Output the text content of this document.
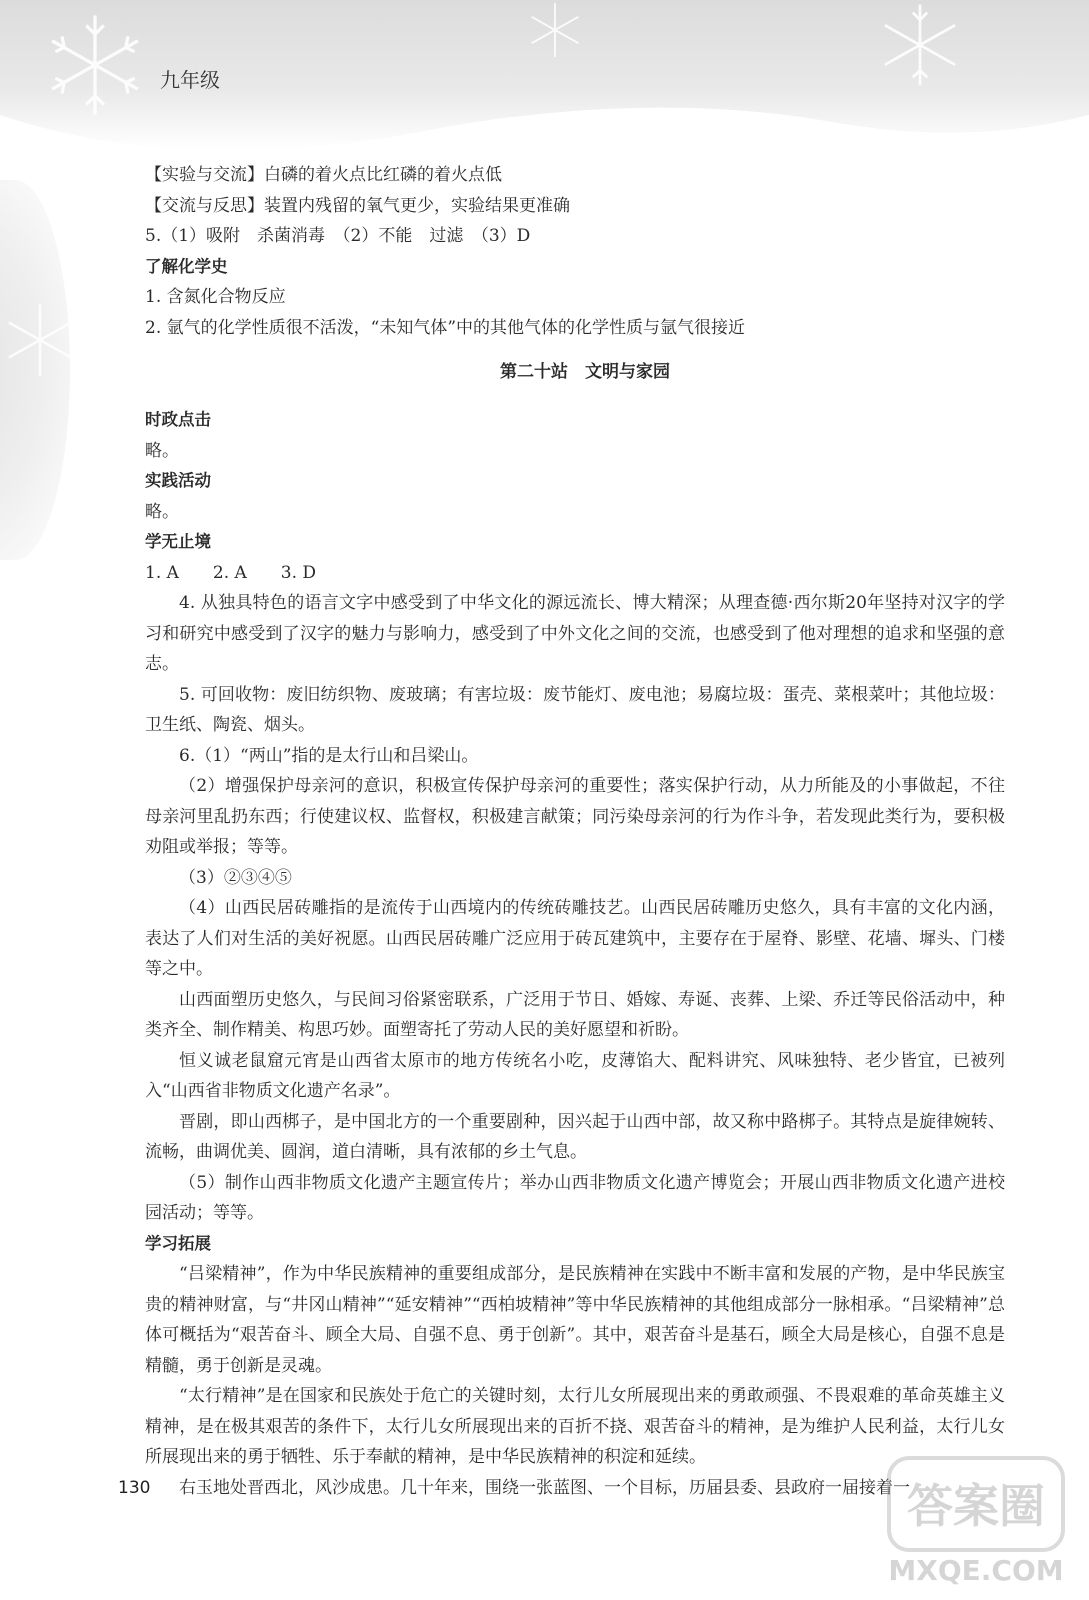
九年级

【实验与交流】白磷的着火点比红磷的着火点低

【交流与反思】装置内残留的氧气更少，实验结果更准确

5.（1）吸附　杀菌消毒　（2）不能　过滤　（3）D

了解化学史

1. 含氮化合物反应

2. 氩气的化学性质很不活泼，“未知气体”中的其他气体的化学性质与氩气很接近

第二十站　文明与家园

时政点击

略。

实践活动

略。

学无止境

1. A　　2. A　　3. D

4. 从独具特色的语言文字中感受到了中华文化的源远流长、博大精深；从理查德·西尔斯20年坚持对汉字的学习和研究中感受到了汉字的魅力与影响力，感受到了中外文化之间的交流，也感受到了他对理想的追求和坚强的意志。

5. 可回收物：废旧纺织物、废玻璃；有害垃圾：废节能灯、废电池；易腐垃圾：蛋壳、菜根菜叶；其他垃圾：卫生纸、陶瓷、烟头。

6.（1）“两山”指的是太行山和吕梁山。

（2）增强保护母亲河的意识，积极宣传保护母亲河的重要性；落实保护行动，从力所能及的小事做起，不往母亲河里乱扔东西；行使建议权、监督权，积极建言献策；同污染母亲河的行为作斗争，若发现此类行为，要积极劝阻或举报；等等。

（3）②③④⑤

（4）山西民居砖雕指的是流传于山西境内的传统砖雕技艺。山西民居砖雕历史悠久，具有丰富的文化内涵，表达了人们对生活的美好祝愿。山西民居砖雕广泛应用于砖瓦建筑中，主要存在于屋脊、影壁、花墙、墀头、门楼等之中。

山西面塑历史悠久，与民间习俗紧密联系，广泛用于节日、婚嫁、寿诞、丧葬、上梁、乔迁等民俗活动中，种类齐全、制作精美、构思巧妙。面塑寄托了劳动人民的美好愿望和祈盼。

恒义诚老鼠窟元宵是山西省太原市的地方传统名小吃，皮薄馅大、配料讲究、风味独特、老少皆宜，已被列入“山西省非物质文化遗产名录”。

晋剧，即山西梆子，是中国北方的一个重要剧种，因兴起于山西中部，故又称中路梆子。其特点是旋律婉转、流畅，曲调优美、圆润，道白清晰，具有浓郁的乡土气息。

（5）制作山西非物质文化遗产主题宣传片；举办山西非物质文化遗产博览会；开展山西非物质文化遗产进校园活动；等等。

学习拓展

“吕梁精神”，作为中华民族精神的重要组成部分，是民族精神在实践中不断丰富和发展的产物，是中华民族宝贵的精神财富，与“井冈山精神”“延安精神”“西柏坡精神”等中华民族精神的其他组成部分一脉相承。“吕梁精神”总体可概括为“艰苦奋斗、顾全大局、自强不息、勇于创新”。其中，艰苦奋斗是基石，顾全大局是核心，自强不息是精髓，勇于创新是灵魂。

“太行精神”是在国家和民族处于危亡的关键时刻，太行儿女所展现出来的勇敢顽强、不畏艰难的革命英雄主义精神，是在极其艰苦的条件下，太行儿女所展现出来的百折不挠、艰苦奋斗的精神，是为维护人民利益，太行儿女所展现出来的勇于牺牲、乐于奉献的精神，是中华民族精神的积淀和延续。

右玉地处晋西北，风沙成患。几十年来，围绕一张蓝图、一个目标，历届县委、县政府一届接着一

130	答案圈
MXQE.COM
